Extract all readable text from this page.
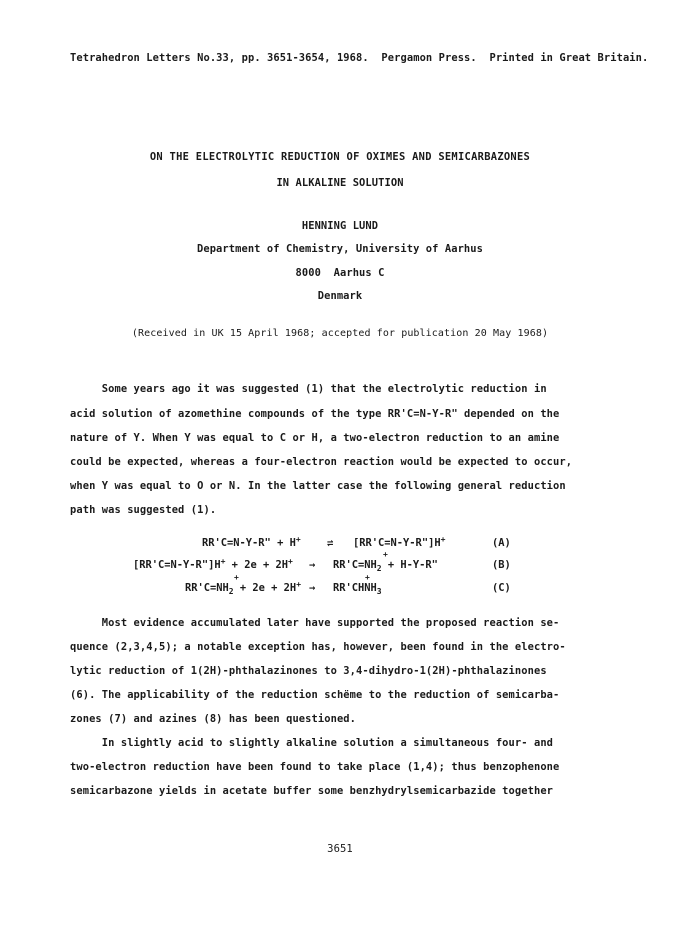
Tetrahedron Letters No.33, pp. 3651-3654, 1968.  Pergamon Press.  Printed in Great Britain.
ON THE ELECTROLYTIC REDUCTION OF OXIMES AND SEMICARBAZONES
IN ALKALINE SOLUTION
HENNING LUND
Department of Chemistry, University of Aarhus
8000  Aarhus C
Denmark
(Received in UK 15 April 1968; accepted for publication 20 May 1968)
Some years ago it was suggested (1) that the electrolytic reduction in
acid solution of azomethine compounds of the type RR'C=N-Y-R" depended on the
nature of Y. When Y was equal to C or H, a two-electron reduction to an amine
could be expected, whereas a four-electron reaction would be expected to occur,
when Y was equal to O or N. In the latter case the following general reduction
path was suggested (1).
RR'C=N-Y-R" + H+	⇌ [RR'C=N-Y-R"]H+	(A)
[RR'C=N-Y-R"]H+ + $2e + 2H^+ \to RR'C=NH_2 + H-Y-R$"
+
(B)
$RR'C=NH_2 + 2e + 2H^+$
+
→ $RR'CHNH_3$
+
(C)
Most evidence accumulated later have supported the proposed reaction se-
quence (2,3,4,5); a notable exception has, however, been found in the electro-
lytic reduction of 1(2H)-phthalazinones to 3,4-dihydro-1(2H)-phthalazinones
(6). The applicability of the reduction schëme to the reduction of semicarba-
zones (7) and azines (8) has been questioned.
In slightly acid to slightly alkaline solution a simultaneous four- and
two-electron reduction have been found to take place (1,4); thus benzophenone
semicarbazone yields in acetate buffer some benzhydrylsemicarbazide together
3651
